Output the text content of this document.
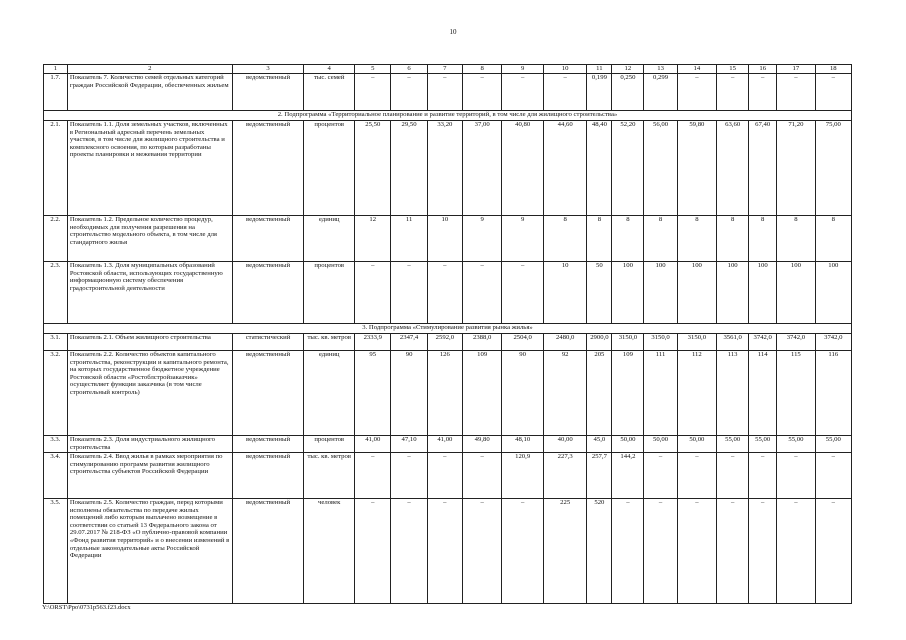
10
1	2	3	4	5	6	7	8	9	10	11	12	13	14	15	16	17	18
1.7.	Показатель 7. Количество семей отдельных категорий граждан Российской Федерации, обеспеченных жильем	ведомственный	тыс. семей	–	–	–	–	–	–	0,199	0,250	0,299	–	–	–	–	–
2. Подпрограмма «Территориальное планирование и развитие территорий, в том числе для жилищного строительства»																	
2.1.	Показатель 1.1. Доля земельных участков, включенных в Региональный адресный перечень земельных участков, в том числе для жилищного строительства и комплексного освоения, по которым разработаны проекты планировки и межевания территории	ведомственный	процентов	25,50	29,50	33,20	37,00	40,80	44,60	48,40	52,20	56,00	59,80	63,60	67,40	71,20	75,00
2.2.	Показатель 1.2. Предельное количество процедур, необходимых для получения разрешения на строительство модельного объекта, в том числе для стандартного жилья	ведомственный	единиц	12	11	10	9	9	8	8	8	8	8	8	8	8	8
2.3.	Показатель 1.3. Доля муниципальных образований Ростовской области, использующих государственную информационную систему обеспечения градостроительной деятельности	ведомственный	процентов	–	–	–	–	–	10	50	100	100	100	100	100	100	100
3. Подпрограмма «Стимулирование развития рынка жилья»																	
3.1.	Показатель 2.1. Объем жилищного строительства	статистический	тыс. кв. метров	2333,9	2347,4	2592,0	2388,0	2504,0	2480,0	2900,0	3150,0	3150,0	3150,0	3561,0	3742,0	3742,0	3742,0
3.2.	Показатель 2.2. Количество объектов капитального строительства, реконструкции и капитального ремонта, на которых государственное бюджетное учреждение Ростовской области «Ростоблстройзаказчик» осуществляет функции заказчика (в том числе строительный контроль)	ведомственный	единиц	95	90	126	109	90	92	205	109	111	112	113	114	115	116
3.3.	Показатель 2.3. Доля индустриального жилищного строительства	ведомственный	процентов	41,00	47,10	41,00	49,80	48,10	40,00	45,0	50,00	50,00	50,00	55,00	55,00	55,00	55,00
3.4.	Показатель 2.4. Ввод жилья в рамках мероприятия по стимулированию программ развития жилищного строительства субъектов Российской Федерации	ведомственный	тыс. кв. метров	–	–	–	–	120,9	227,3	257,7	144,2	–	–	–	–	–	–
3.5.	Показатель 2.5. Количество граждан, перед которыми исполнены обязательства по передаче жилых помещений либо которым выплачено возмещение в соответствии со статьей 13 Федерального закона от 29.07.2017 № 218-ФЗ «О публично-правовой компании «Фонд развития территорий» и о внесении изменений в отдельные законодательные акты Российской Федерации	ведомственный	человек	–	–	–	–	–	225	520	–	–	–	–	–	–	–
Y:\ORST\Ppo\0731p563.f23.docx
